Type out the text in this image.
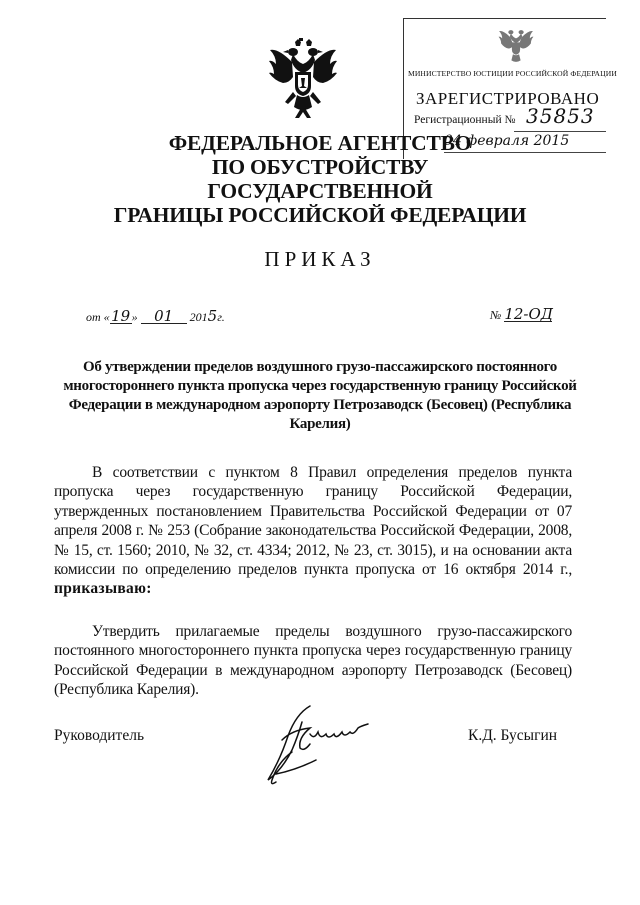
МИНИСТЕРСТВО ЮСТИЦИИ РОССИЙСКОЙ ФЕДЕРАЦИИ
ЗАРЕГИСТРИРОВАНО
Регистрационный № 35853
04 февраля 2015
ФЕДЕРАЛЬНОЕ АГЕНТСТВО
ПО ОБУСТРОЙСТВУ ГОСУДАРСТВЕННОЙ
ГРАНИЦЫ РОССИЙСКОЙ ФЕДЕРАЦИИ
ПРИКАЗ
от «19» 01 2015г.	№ 12-ОД
Об утверждении пределов воздушного грузо-пассажирского постоянного многостороннего пункта пропуска через государственную границу Российской Федерации в международном аэропорту Петрозаводск (Бесовец) (Республика Карелия)
В соответствии с пунктом 8 Правил определения пределов пункта пропуска через государственную границу Российской Федерации, утвержденных постановлением Правительства Российской Федерации от 07 апреля 2008 г. № 253 (Собрание законодательства Российской Федерации, 2008, № 15, ст. 1560; 2010, № 32, ст. 4334; 2012, № 23, ст. 3015), и на основании акта комиссии по определению пределов пункта пропуска от 16 октября 2014 г., приказываю:
Утвердить прилагаемые пределы воздушного грузо-пассажирского постоянного многостороннего пункта пропуска через государственную границу Российской Федерации в международном аэропорту Петрозаводск (Бесовец) (Республика Карелия).
Руководитель	К.Д. Бусыгин
